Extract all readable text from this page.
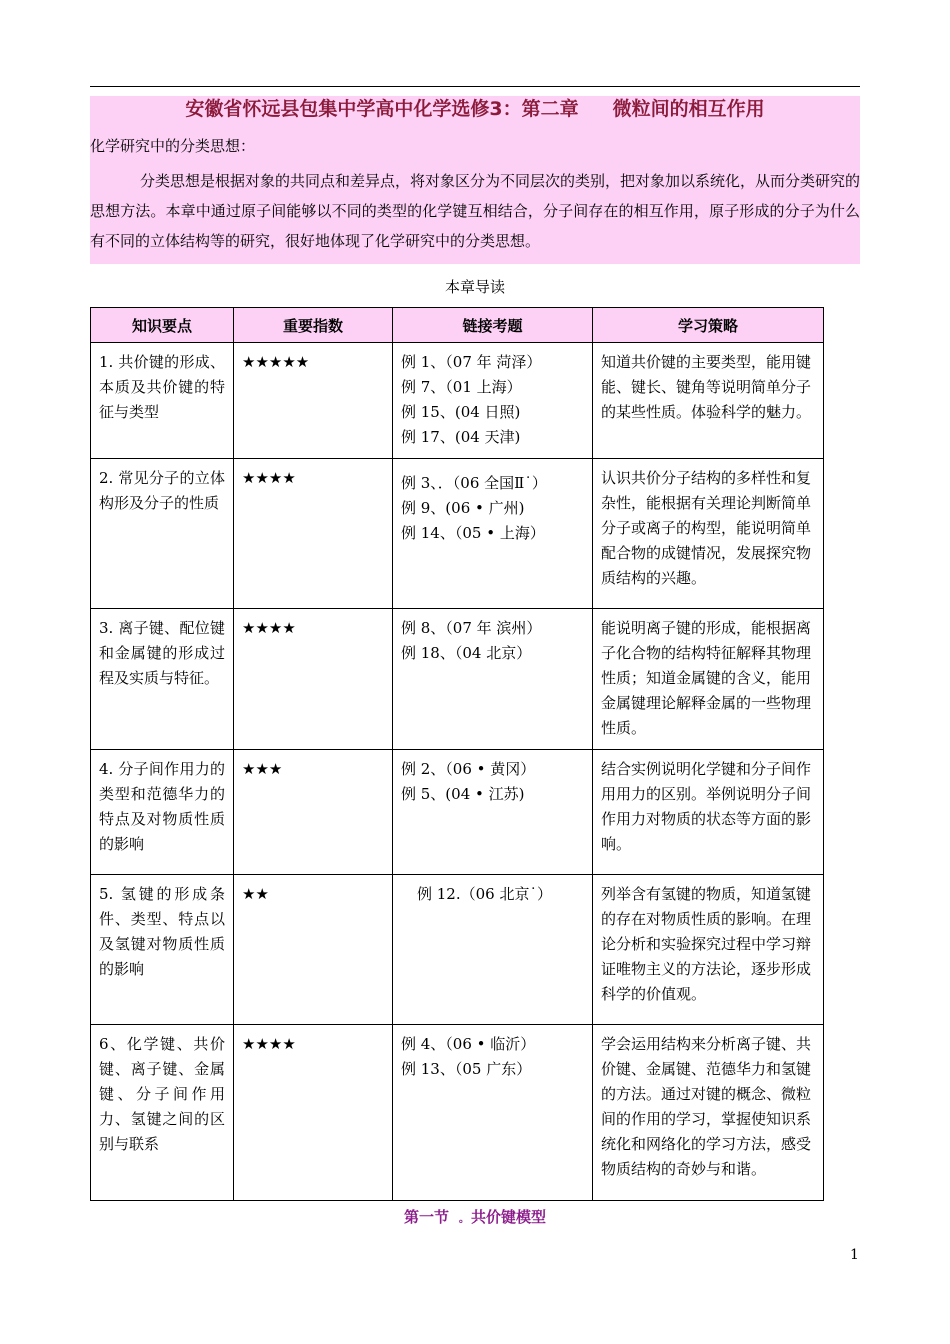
安徽省怀远县包集中学高中化学选修3：第二章 微粒间的相互作用
化学研究中的分类思想：
分类思想是根据对象的共同点和差异点，将对象区分为不同层次的类别，把对象加以系统化，从而分类研究的思想方法。本章中通过原子间能够以不同的类型的化学键互相结合，分子间存在的相互作用，原子形成的分子为什么有不同的立体结构等的研究，很好地体现了化学研究中的分类思想。
本章导读
知识要点	重要指数	链接考题	学习策略
1. 共价键的形成、本质及共价键的特征与类型	★★★★★	例 1、（07 年 菏泽）
例 7、（01 上海）
例 15、(04 日照)
例 17、(04 天津)	知道共价键的主要类型，能用键能、键长、键角等说明简单分子的某些性质。体验科学的魅力。
2. 常见分子的立体构形及分子的性质	★★★★	例 3、．（06 全国Ⅱ˙）
例 9、(06 • 广州)
例 14、（05 • 上海）	认识共价分子结构的多样性和复杂性，能根据有关理论判断简单分子或离子的构型，能说明简单配合物的成键情况，发展探究物质结构的兴趣。
3. 离子键、配位键和金属键的形成过程及实质与特征。	★★★★	例 8、（07 年 滨州）
例 18、（04 北京）	能说明离子键的形成，能根据离子化合物的结构特征解释其物理性质；知道金属键的含义，能用金属键理论解释金属的一些物理性质。
4. 分子间作用力的类型和范德华力的特点及对物质性质的影响	★★★	例 2、（06 • 黄冈）
例 5、(04 • 江苏)	结合实例说明化学键和分子间作用用力的区别。举例说明分子间作用力对物质的状态等方面的影响。
5. 氢键的形成条件、类型、特点以及氢键对物质性质的影响	★★	例 12.（06 北京˙）	列举含有氢键的物质，知道氢键的存在对物质性质的影响。在理论分析和实验探究过程中学习辩证唯物主义的方法论，逐步形成科学的价值观。
6、化学键、共价键、离子键、金属键、分子间作用力、氢键之间的区别与联系	★★★★	例 4、（06 • 临沂）
例 13、（05 广东）	学会运用结构来分析离子键、共价键、金属键、范德华力和氢键的方法。通过对键的概念、微粒间的作用的学习，掌握使知识系统化和网络化的学习方法，感受物质结构的奇妙与和谐。
第一节 。 共价键模型
1
